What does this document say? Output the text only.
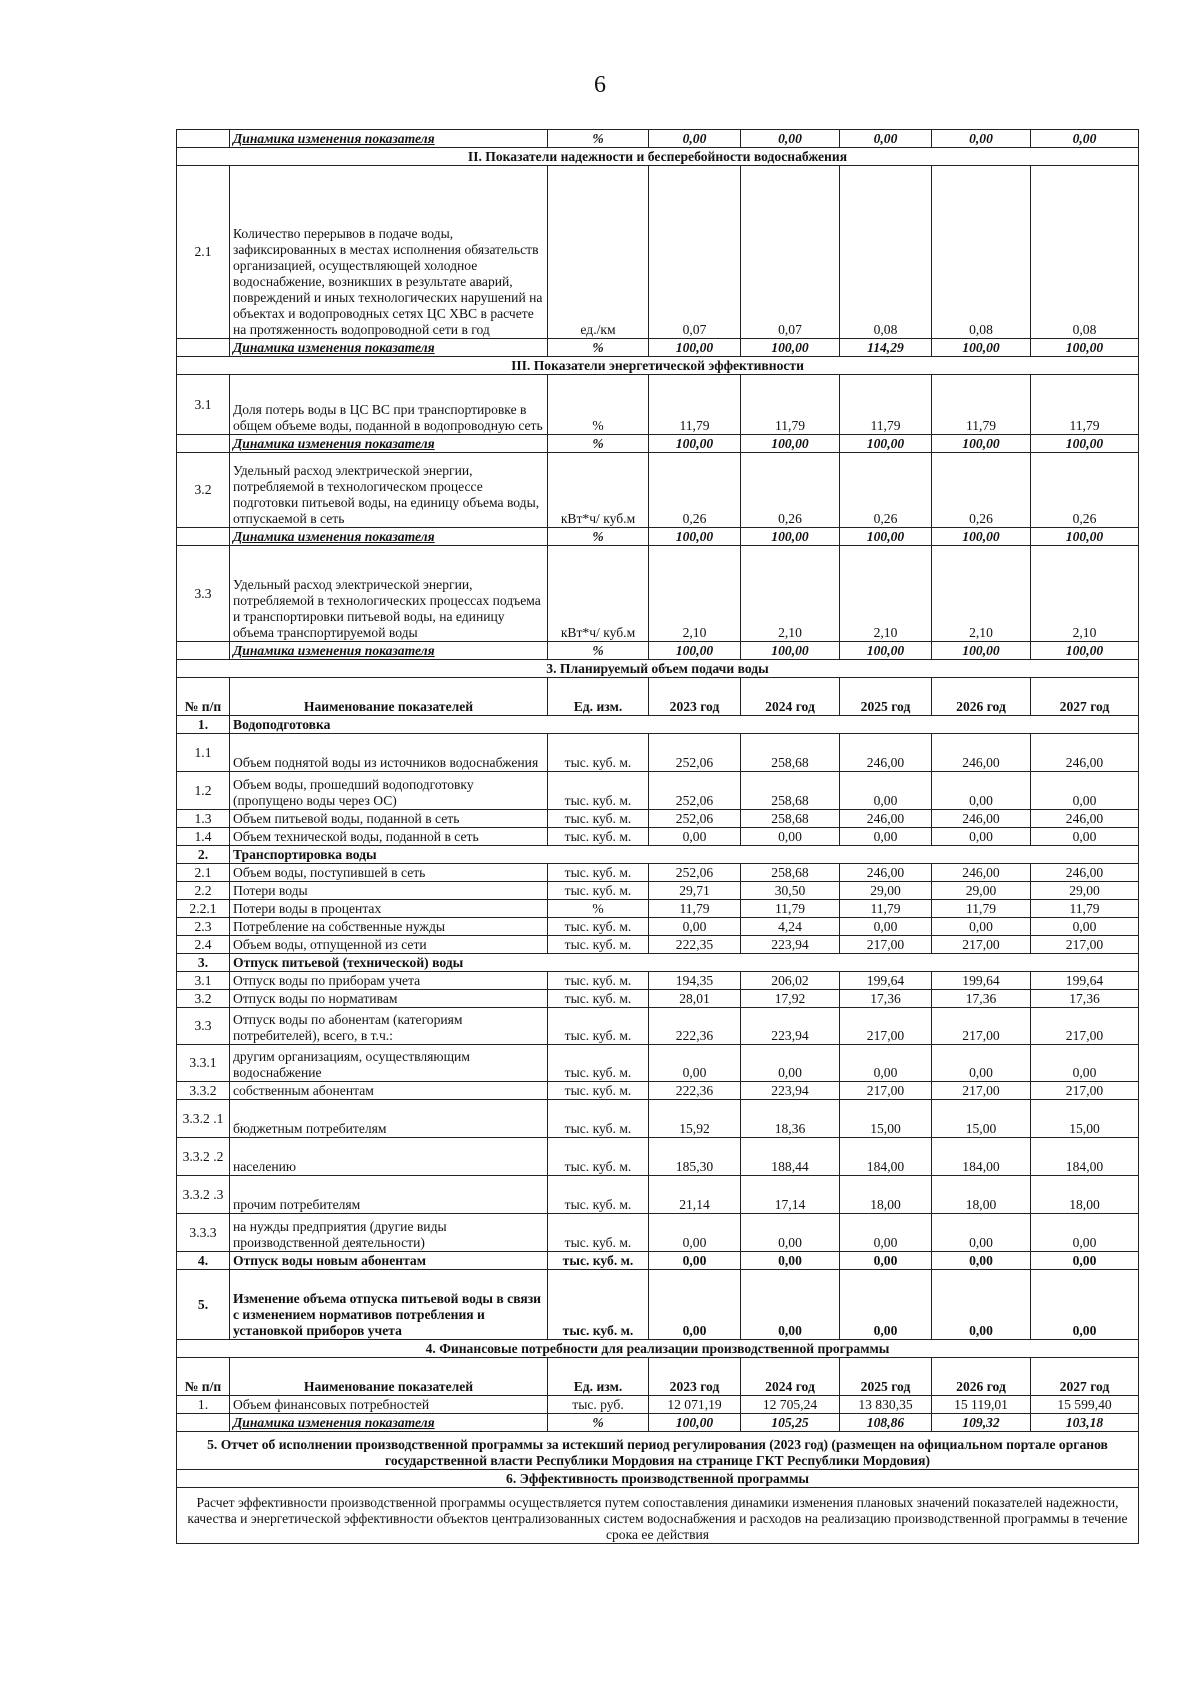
6
	Динамика изменения показателя	%	0,00	0,00	0,00	0,00	0,00
II. Показатели надежности и бесперебойности водоснабжения							
2.1	Количество перерывов в подаче воды, зафиксированных в местах исполнения обязательств организацией, осуществляющей холодное водоснабжение, возникших в результате аварий, повреждений и иных технологических нарушений на объектах и водопроводных сетях ЦС ХВС в расчете на протяженность водопроводной сети в год	ед./км	0,07	0,07	0,08	0,08	0,08
	Динамика изменения показателя	%	100,00	100,00	114,29	100,00	100,00
III. Показатели энергетической эффективности							
3.1	Доля потерь воды в ЦС ВС при транспортировке в общем объеме воды, поданной в водопроводную сеть	%	11,79	11,79	11,79	11,79	11,79
	Динамика изменения показателя	%	100,00	100,00	100,00	100,00	100,00
3.2	Удельный расход электрической энергии, потребляемой в технологическом процессе подготовки питьевой воды, на единицу объема воды, отпускаемой в сеть	кВт*ч/ куб.м	0,26	0,26	0,26	0,26	0,26
	Динамика изменения показателя	%	100,00	100,00	100,00	100,00	100,00
3.3	Удельный расход электрической энергии, потребляемой в технологических процессах подъема и транспортировки питьевой воды, на единицу объема транспортируемой воды	кВт*ч/ куб.м	2,10	2,10	2,10	2,10	2,10
	Динамика изменения показателя	%	100,00	100,00	100,00	100,00	100,00
3. Планируемый объем подачи воды							
№ п/п	Наименование показателей	Ед. изм.	2023 год	2024 год	2025 год	2026 год	2027 год
1.	Водоподготовка						
1.1	Объем поднятой воды из источников водоснабжения	тыс. куб. м.	252,06	258,68	246,00	246,00	246,00
1.2	Объем воды, прошедший водоподготовку (пропущено воды через ОС)	тыс. куб. м.	252,06	258,68	0,00	0,00	0,00
1.3	Объем питьевой воды, поданной в сеть	тыс. куб. м.	252,06	258,68	246,00	246,00	246,00
1.4	Объем технической воды, поданной в сеть	тыс. куб. м.	0,00	0,00	0,00	0,00	0,00
2.	Транспортировка воды						
2.1	Объем воды, поступившей в сеть	тыс. куб. м.	252,06	258,68	246,00	246,00	246,00
2.2	Потери воды	тыс. куб. м.	29,71	30,50	29,00	29,00	29,00
2.2.1	Потери воды в процентах	%	11,79	11,79	11,79	11,79	11,79
2.3	Потребление на собственные нужды	тыс. куб. м.	0,00	4,24	0,00	0,00	0,00
2.4	Объем воды, отпущенной из сети	тыс. куб. м.	222,35	223,94	217,00	217,00	217,00
3.	Отпуск питьевой (технической) воды						
3.1	Отпуск воды по приборам учета	тыс. куб. м.	194,35	206,02	199,64	199,64	199,64
3.2	Отпуск воды по нормативам	тыс. куб. м.	28,01	17,92	17,36	17,36	17,36
3.3	Отпуск воды по абонентам (категориям потребителей), всего, в т.ч.:	тыс. куб. м.	222,36	223,94	217,00	217,00	217,00
3.3.1	другим организациям, осуществляющим водоснабжение	тыс. куб. м.	0,00	0,00	0,00	0,00	0,00
3.3.2	собственным абонентам	тыс. куб. м.	222,36	223,94	217,00	217,00	217,00
3.3.2 .1	бюджетным потребителям	тыс. куб. м.	15,92	18,36	15,00	15,00	15,00
3.3.2 .2	населению	тыс. куб. м.	185,30	188,44	184,00	184,00	184,00
3.3.2 .3	прочим потребителям	тыс. куб. м.	21,14	17,14	18,00	18,00	18,00
3.3.3	на нужды предприятия (другие виды производственной деятельности)	тыс. куб. м.	0,00	0,00	0,00	0,00	0,00
4.	Отпуск воды новым абонентам	тыс. куб. м.	0,00	0,00	0,00	0,00	0,00
5.	Изменение объема отпуска питьевой воды в связи с изменением нормативов потребления и установкой приборов учета	тыс. куб. м.	0,00	0,00	0,00	0,00	0,00
4. Финансовые потребности для реализации производственной программы							
№ п/п	Наименование показателей	Ед. изм.	2023 год	2024 год	2025 год	2026 год	2027 год
1.	Объем финансовых потребностей	тыс. руб.	12 071,19	12 705,24	13 830,35	15 119,01	15 599,40
	Динамика изменения показателя	%	100,00	105,25	108,86	109,32	103,18
5. Отчет об исполнении производственной программы за истекший период регулирования (2023 год) (размещен на официальном портале органов государственной власти Республики Мордовия на странице ГКТ Республики Мордовия)							
6. Эффективность производственной программы							
Расчет эффективности производственной программы осуществляется путем сопоставления динамики изменения плановых значений показателей надежности, качества и энергетической эффективности объектов централизованных систем водоснабжения и расходов на реализацию производственной программы в течение срока ее действия							
